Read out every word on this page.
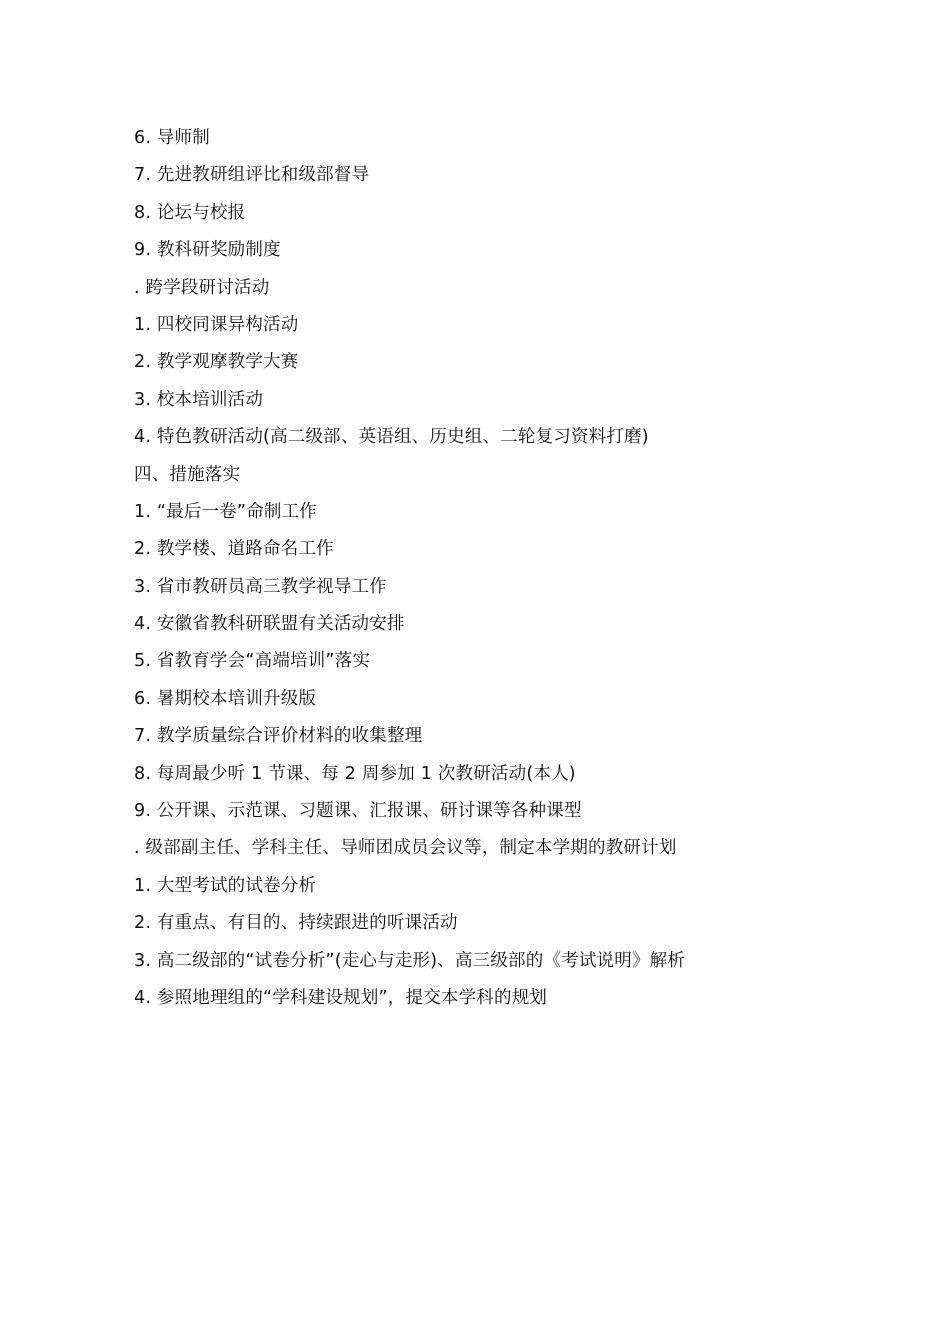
6. 导师制
7. 先进教研组评比和级部督导
8. 论坛与校报
9. 教科研奖励制度
. 跨学段研讨活动
1. 四校同课异构活动
2. 教学观摩教学大赛
3. 校本培训活动
4. 特色教研活动(高二级部、英语组、历史组、二轮复习资料打磨)
四、措施落实
1. “最后一卷”命制工作
2. 教学楼、道路命名工作
3. 省市教研员高三教学视导工作
4. 安徽省教科研联盟有关活动安排
5. 省教育学会“高端培训”落实
6. 暑期校本培训升级版
7. 教学质量综合评价材料的收集整理
8. 每周最少听 1 节课、每 2 周参加 1 次教研活动(本人)
9. 公开课、示范课、习题课、汇报课、研讨课等各种课型
. 级部副主任、学科主任、导师团成员会议等，制定本学期的教研计划
1. 大型考试的试卷分析
2. 有重点、有目的、持续跟进的听课活动
3. 高二级部的“试卷分析”(走心与走形)、高三级部的《考试说明》解析
4. 参照地理组的“学科建设规划”，提交本学科的规划
